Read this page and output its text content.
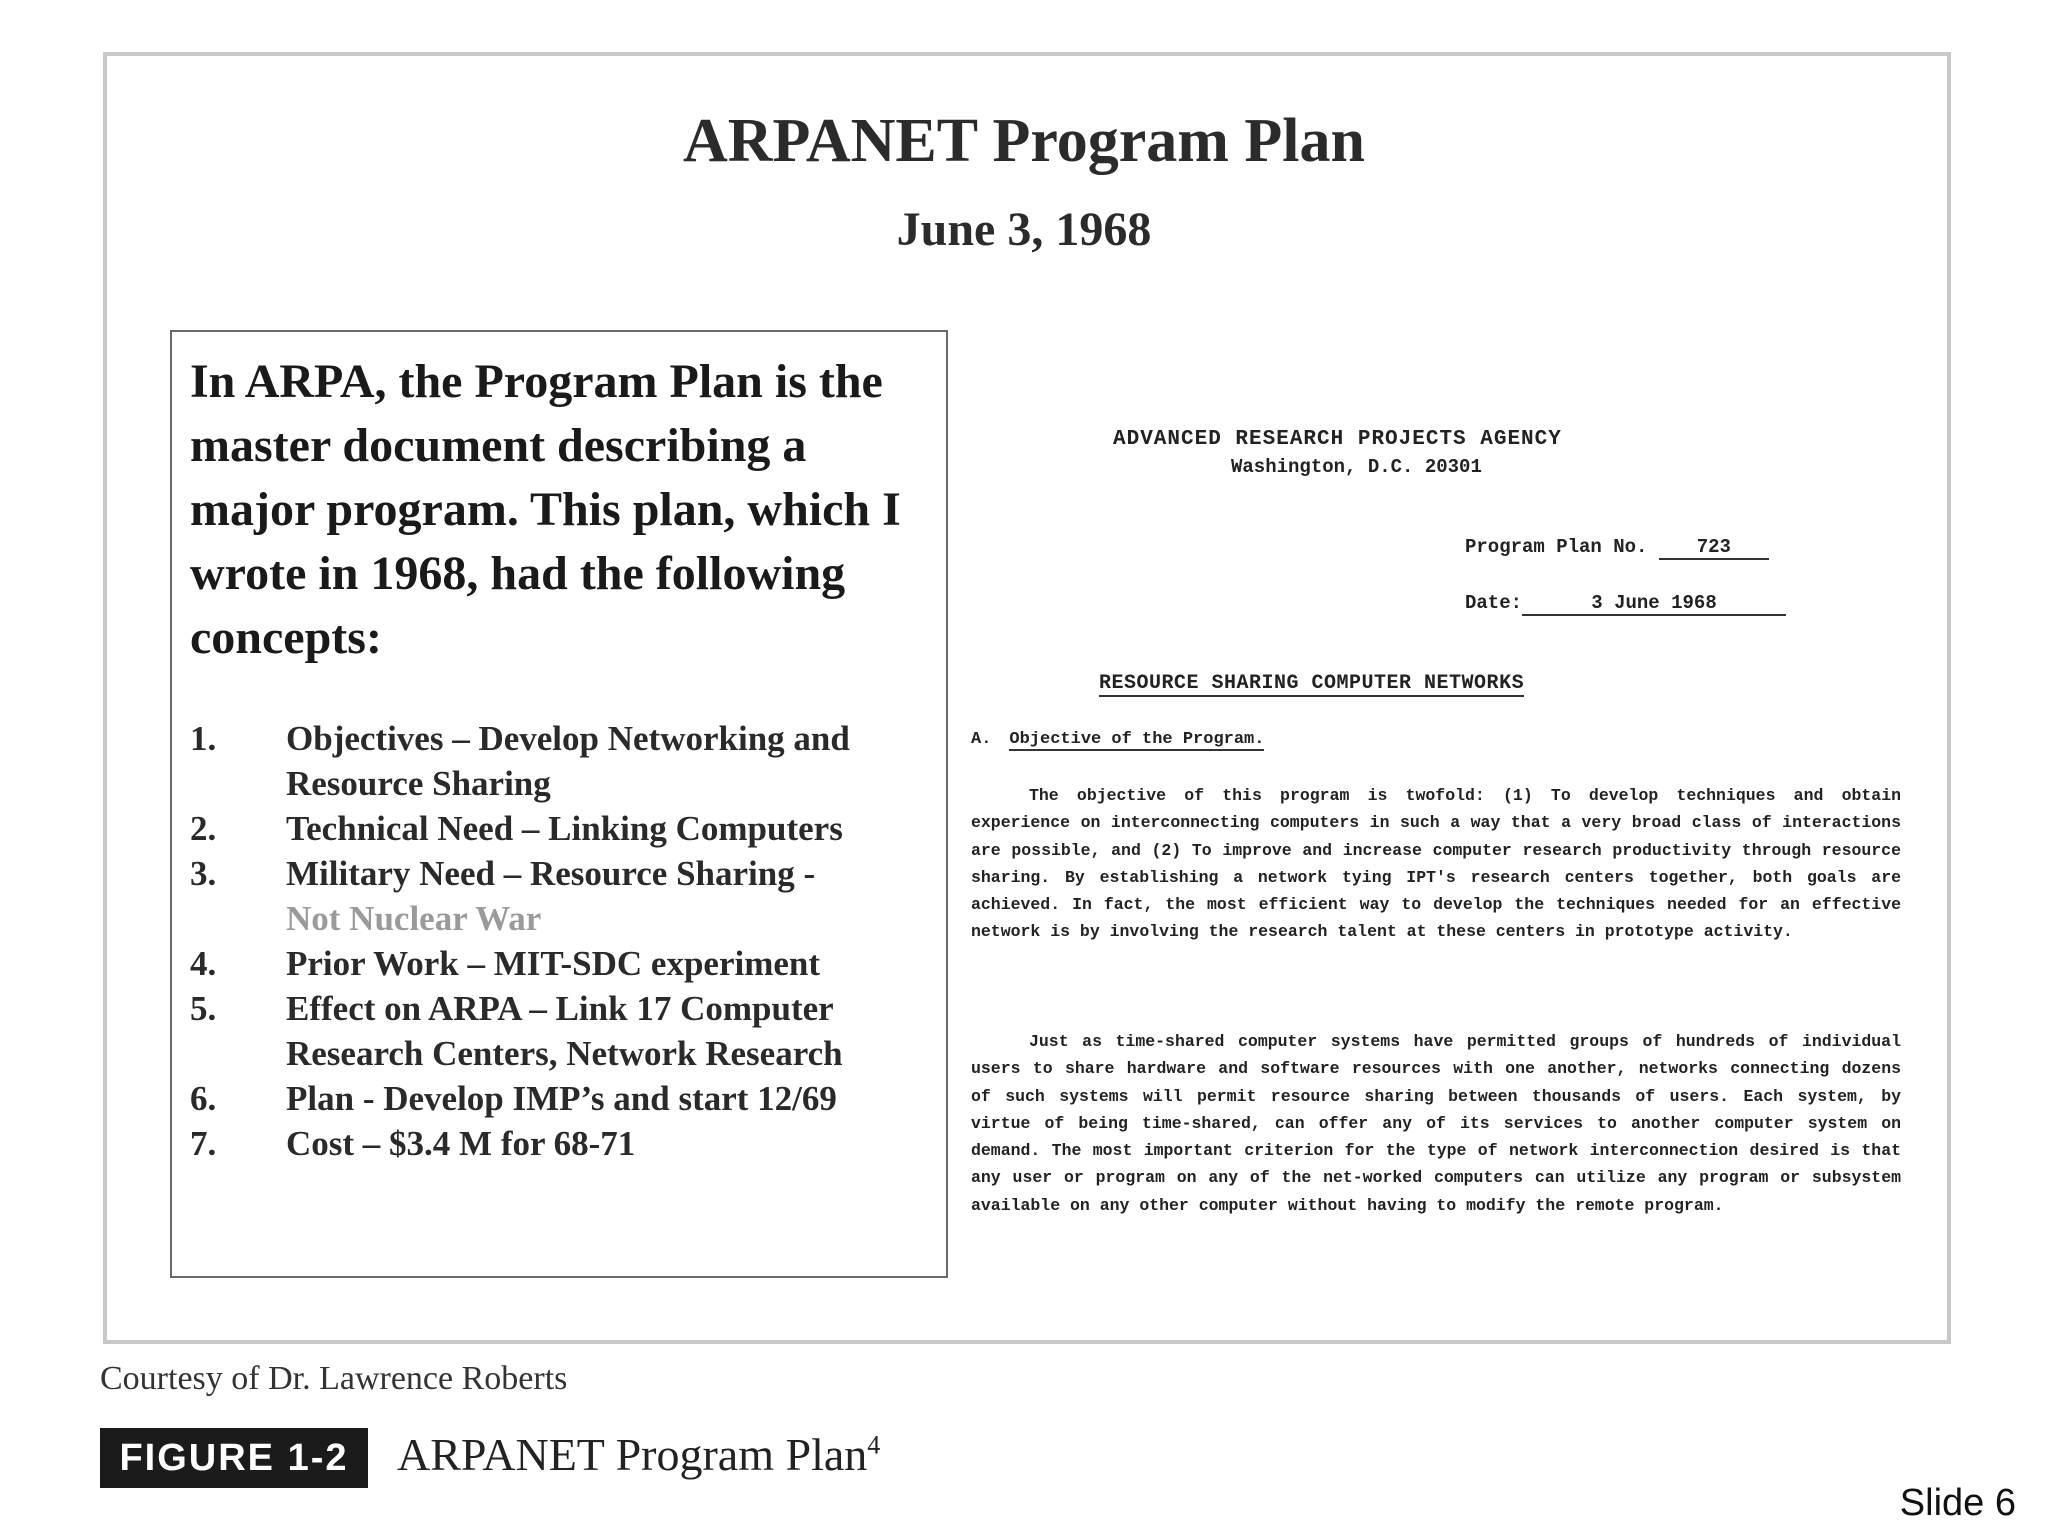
ARPANET Program Plan
June 3, 1968

In ARPA, the Program Plan is the master document describing a major program. This plan, which I wrote in 1968, had the following concepts:

1.	Objectives – Develop Networking and Resource Sharing
2.	Technical Need – Linking Computers
3.	Military Need – Resource Sharing -
Not Nuclear War
4.	Prior Work – MIT-SDC experiment
5.	Effect on ARPA – Link 17 Computer Research Centers, Network Research
6.	Plan - Develop IMP’s and start 12/69
7.	Cost – $3.4 M for 68-71
ADVANCED RESEARCH PROJECTS AGENCY
Washington, D.C. 20301
Program Plan No.	723
Date:	3 June 1968
RESOURCE SHARING COMPUTER NETWORKS
A. Objective of the Program.

The objective of this program is twofold: (1) To develop techniques and obtain experience on interconnecting computers in such a way that a very broad class of interactions are possible, and (2) To improve and increase computer research productivity through resource sharing. By establishing a network tying IPT's research centers together, both goals are achieved. In fact, the most efficient way to develop the techniques needed for an effective network is by involving the research talent at these centers in prototype activity.

Just as time-shared computer systems have permitted groups of hundreds of individual users to share hardware and software resources with one another, networks connecting dozens of such systems will permit resource sharing between thousands of users. Each system, by virtue of being time-shared, can offer any of its services to another computer system on demand. The most important criterion for the type of network interconnection desired is that any user or program on any of the net-worked computers can utilize any program or subsystem available on any other computer without having to modify the remote program.

Courtesy of Dr. Lawrence Roberts
FIGURE 1-2	ARPANET Program Plan$^4$
Slide 6
